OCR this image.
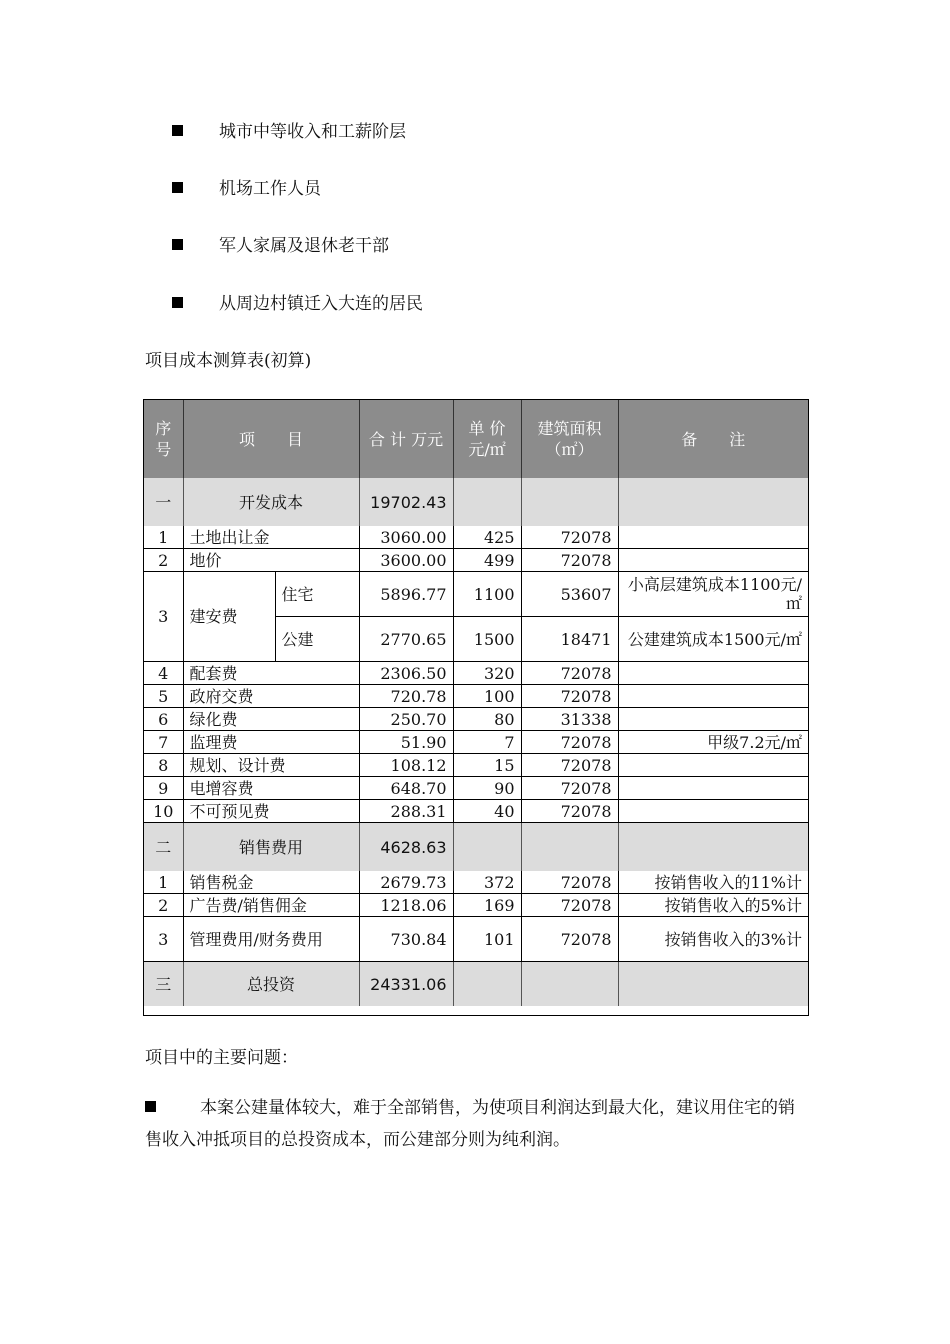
城市中等收入和工薪阶层
机场工作人员
军人家属及退休老干部
从周边村镇迁入大连的居民
项目成本测算表(初算)
序号	项　　目		合 计 万元	单 价 元/㎡	建筑面积 （㎡）	备　　注
一	开发成本		19702.43			
1	土地出让金		3060.00	425	72078	
2	地价		3600.00	499	72078	
3	建安费	住宅	5896.77	1100	53607	小高层建筑成本1100元/㎡
		公建	2770.65	1500	18471	公建建筑成本1500元/㎡
4	配套费		2306.50	320	72078	
5	政府交费		720.78	100	72078	
6	绿化费		250.70	80	31338	
7	监理费		51.90	7	72078	甲级7.2元/㎡
8	规划、设计费		108.12	15	72078	
9	电增容费		648.70	90	72078	
10	不可预见费		288.31	40	72078	
二	销售费用		4628.63			
1	销售税金		2679.73	372	72078	按销售收入的11%计
2	广告费/销售佣金		1218.06	169	72078	按销售收入的5%计
3	管理费用/财务费用		730.84	101	72078	按销售收入的3%计
三	总投资		24331.06			
项目中的主要问题：
本案公建量体较大，难于全部销售，为使项目利润达到最大化，建议用住宅的销售收入冲抵项目的总投资成本，而公建部分则为纯利润。
